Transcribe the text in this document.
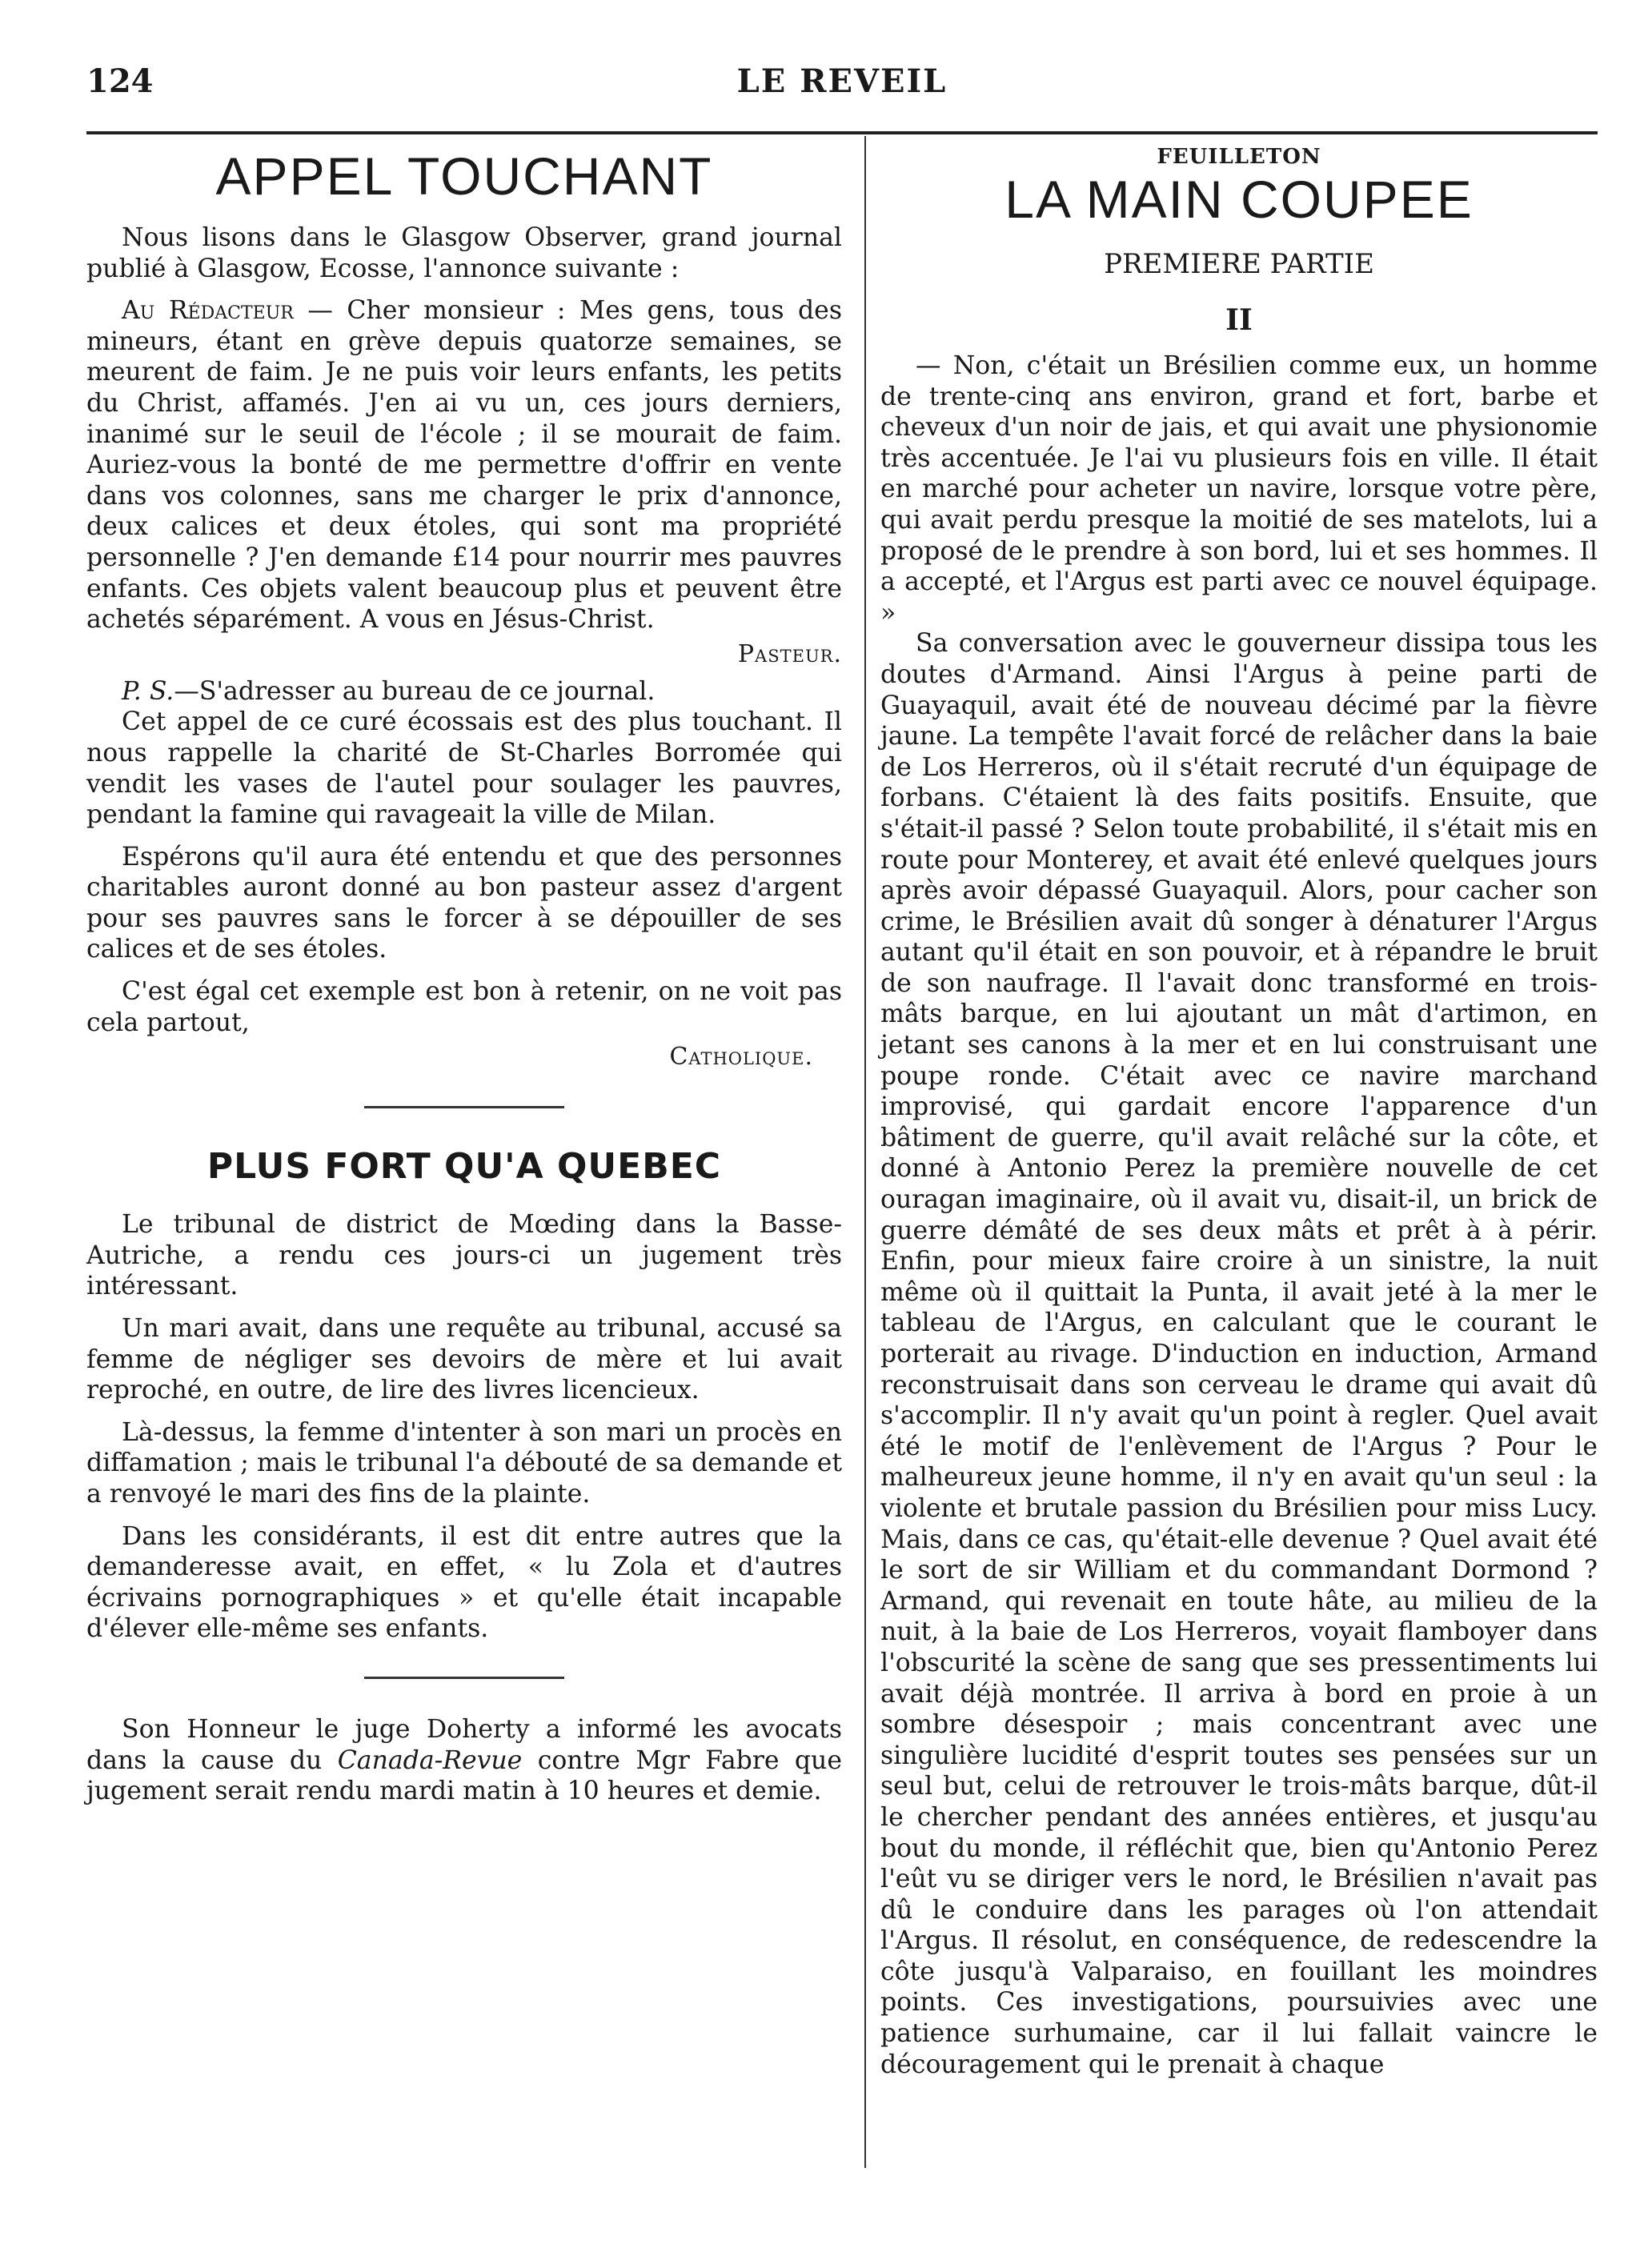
124	LE REVEIL
APPEL TOUCHANT

Nous lisons dans le Glasgow Observer, grand journal publié à Glasgow, Ecosse, l'annonce suivante :

Au Rédacteur — Cher monsieur : Mes gens, tous des mineurs, étant en grève depuis quatorze semaines, se meurent de faim. Je ne puis voir leurs enfants, les petits du Christ, affamés. J'en ai vu un, ces jours derniers, inanimé sur le seuil de l'école ; il se mourait de faim. Auriez-vous la bonté de me permettre d'offrir en vente dans vos colonnes, sans me charger le prix d'annonce, deux calices et deux étoles, qui sont ma propriété personnelle ? J'en demande £14 pour nourrir mes pauvres enfants. Ces objets valent beaucoup plus et peuvent être achetés séparément. A vous en Jésus-Christ.

Pasteur.

P. S.—S'adresser au bureau de ce journal.

Cet appel de ce curé écossais est des plus touchant. Il nous rappelle la charité de St-Charles Borromée qui vendit les vases de l'autel pour soulager les pauvres, pendant la famine qui ravageait la ville de Milan.

Espérons qu'il aura été entendu et que des personnes charitables auront donné au bon pasteur assez d'argent pour ses pauvres sans le forcer à se dépouiller de ses calices et de ses étoles.

C'est égal cet exemple est bon à retenir, on ne voit pas cela partout,

Catholique.
PLUS FORT QU'A QUEBEC

Le tribunal de district de Mœding dans la Basse-Autriche, a rendu ces jours-ci un jugement très intéressant.

Un mari avait, dans une requête au tribunal, accusé sa femme de négliger ses devoirs de mère et lui avait reproché, en outre, de lire des livres licencieux.

Là-dessus, la femme d'intenter à son mari un procès en diffamation ; mais le tribunal l'a débouté de sa demande et a renvoyé le mari des fins de la plainte.

Dans les considérants, il est dit entre autres que la demanderesse avait, en effet, « lu Zola et d'autres écrivains pornographiques » et qu'elle était incapable d'élever elle-même ses enfants.

Son Honneur le juge Doherty a informé les avocats dans la cause du Canada-Revue contre Mgr Fabre que jugement serait rendu mardi matin à 10 heures et demie.

FEUILLETON
LA MAIN COUPEE
PREMIERE PARTIE
II

— Non, c'était un Brésilien comme eux, un homme de trente-cinq ans environ, grand et fort, barbe et cheveux d'un noir de jais, et qui avait une physionomie très accentuée. Je l'ai vu plusieurs fois en ville. Il était en marché pour acheter un navire, lorsque votre père, qui avait perdu presque la moitié de ses matelots, lui a proposé de le prendre à son bord, lui et ses hommes. Il a accepté, et l'Argus est parti avec ce nouvel équipage. »

Sa conversation avec le gouverneur dissipa tous les doutes d'Armand. Ainsi l'Argus à peine parti de Guayaquil, avait été de nouveau décimé par la fièvre jaune. La tempête l'avait forcé de relâcher dans la baie de Los Herreros, où il s'était recruté d'un équipage de forbans. C'étaient là des faits positifs. Ensuite, que s'était-il passé ? Selon toute probabilité, il s'était mis en route pour Monterey, et avait été enlevé quelques jours après avoir dépassé Guayaquil. Alors, pour cacher son crime, le Brésilien avait dû songer à dénaturer l'Argus autant qu'il était en son pouvoir, et à répandre le bruit de son naufrage. Il l'avait donc transformé en trois-mâts barque, en lui ajoutant un mât d'artimon, en jetant ses canons à la mer et en lui construisant une poupe ronde. C'était avec ce navire marchand improvisé, qui gardait encore l'apparence d'un bâtiment de guerre, qu'il avait relâché sur la côte, et donné à Antonio Perez la première nouvelle de cet ouragan imaginaire, où il avait vu, disait-il, un brick de guerre démâté de ses deux mâts et prêt à à périr. Enfin, pour mieux faire croire à un sinistre, la nuit même où il quittait la Punta, il avait jeté à la mer le tableau de l'Argus, en calculant que le courant le porterait au rivage. D'induction en induction, Armand reconstruisait dans son cerveau le drame qui avait dû s'accomplir. Il n'y avait qu'un point à regler. Quel avait été le motif de l'enlèvement de l'Argus ? Pour le malheureux jeune homme, il n'y en avait qu'un seul : la violente et brutale passion du Brésilien pour miss Lucy. Mais, dans ce cas, qu'était-elle devenue ? Quel avait été le sort de sir William et du commandant Dormond ? Armand, qui revenait en toute hâte, au milieu de la nuit, à la baie de Los Herreros, voyait flamboyer dans l'obscurité la scène de sang que ses pressentiments lui avait déjà montrée. Il arriva à bord en proie à un sombre désespoir ; mais concentrant avec une singulière lucidité d'esprit toutes ses pensées sur un seul but, celui de retrouver le trois-mâts barque, dût-il le chercher pendant des années entières, et jusqu'au bout du monde, il réfléchit que, bien qu'Antonio Perez l'eût vu se diriger vers le nord, le Brésilien n'avait pas dû le conduire dans les parages où l'on attendait l'Argus. Il résolut, en conséquence, de redescendre la côte jusqu'à Valparaiso, en fouillant les moindres points. Ces investigations, poursuivies avec une patience surhumaine, car il lui fallait vaincre le découragement qui le prenait à chaque
